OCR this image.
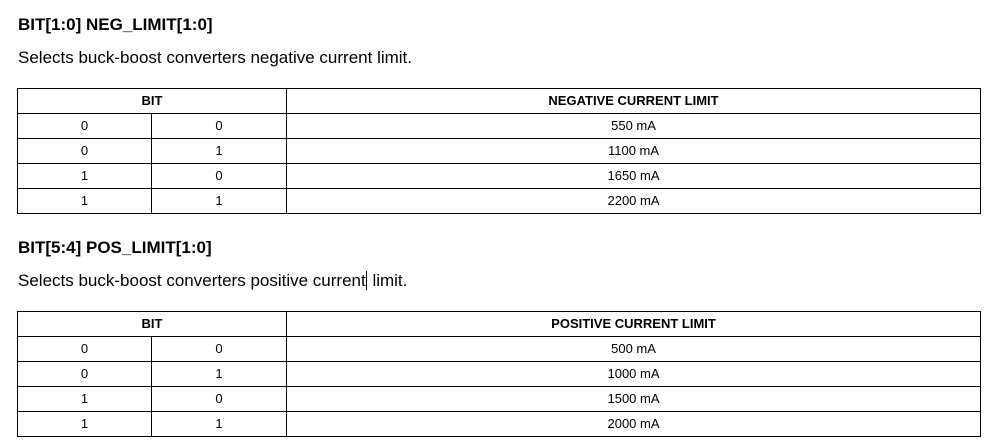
BIT[1:0] NEG_LIMIT[1:0]

Selects buck-boost converters negative current limit.

BIT		NEGATIVE CURRENT LIMIT
0	0	550 mA
0	1	1100 mA
1	0	1650 mA
1	1	2200 mA
BIT[5:4] POS_LIMIT[1:0]

Selects buck-boost converters positive current limit.

BIT		POSITIVE CURRENT LIMIT
0	0	500 mA
0	1	1000 mA
1	0	1500 mA
1	1	2000 mA
